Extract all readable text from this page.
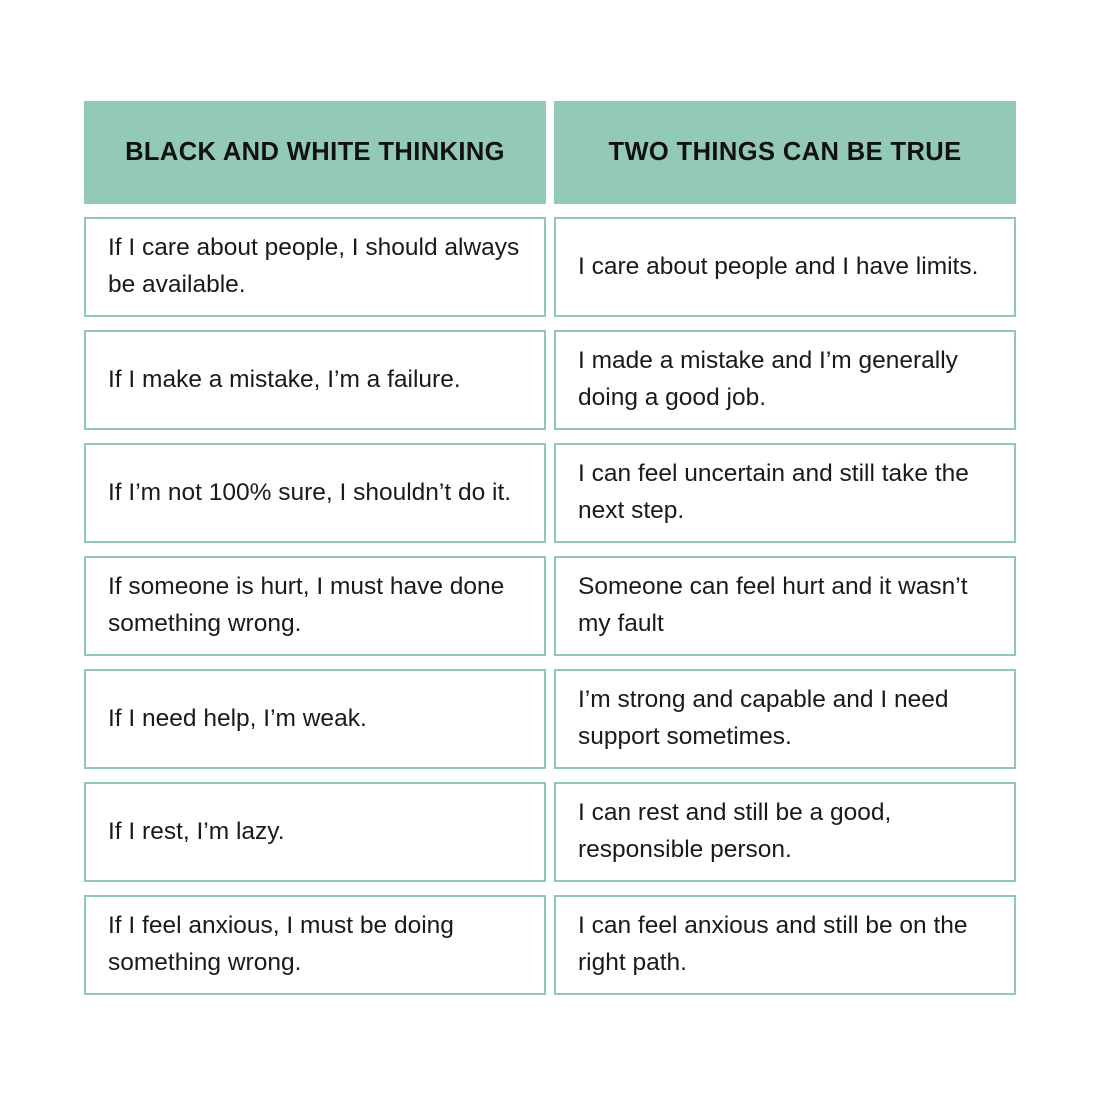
BLACK AND WHITE THINKING	TWO THINGS CAN BE TRUE
If I care about people, I should always be available.
I care about people and I have limits.
If I make a mistake, I’m a failure.
I made a mistake and I’m generally doing a good job.
If I’m not 100% sure, I shouldn’t do it.
I can feel uncertain and still take the next step.
If someone is hurt, I must have done something wrong.
Someone can feel hurt and it wasn’t my fault
If I need help, I’m weak.
I’m strong and capable and I need support sometimes.
If I rest, I’m lazy.
I can rest and still be a good, responsible person.
If I feel anxious, I must be doing something wrong.
I can feel anxious and still be on the right path.
